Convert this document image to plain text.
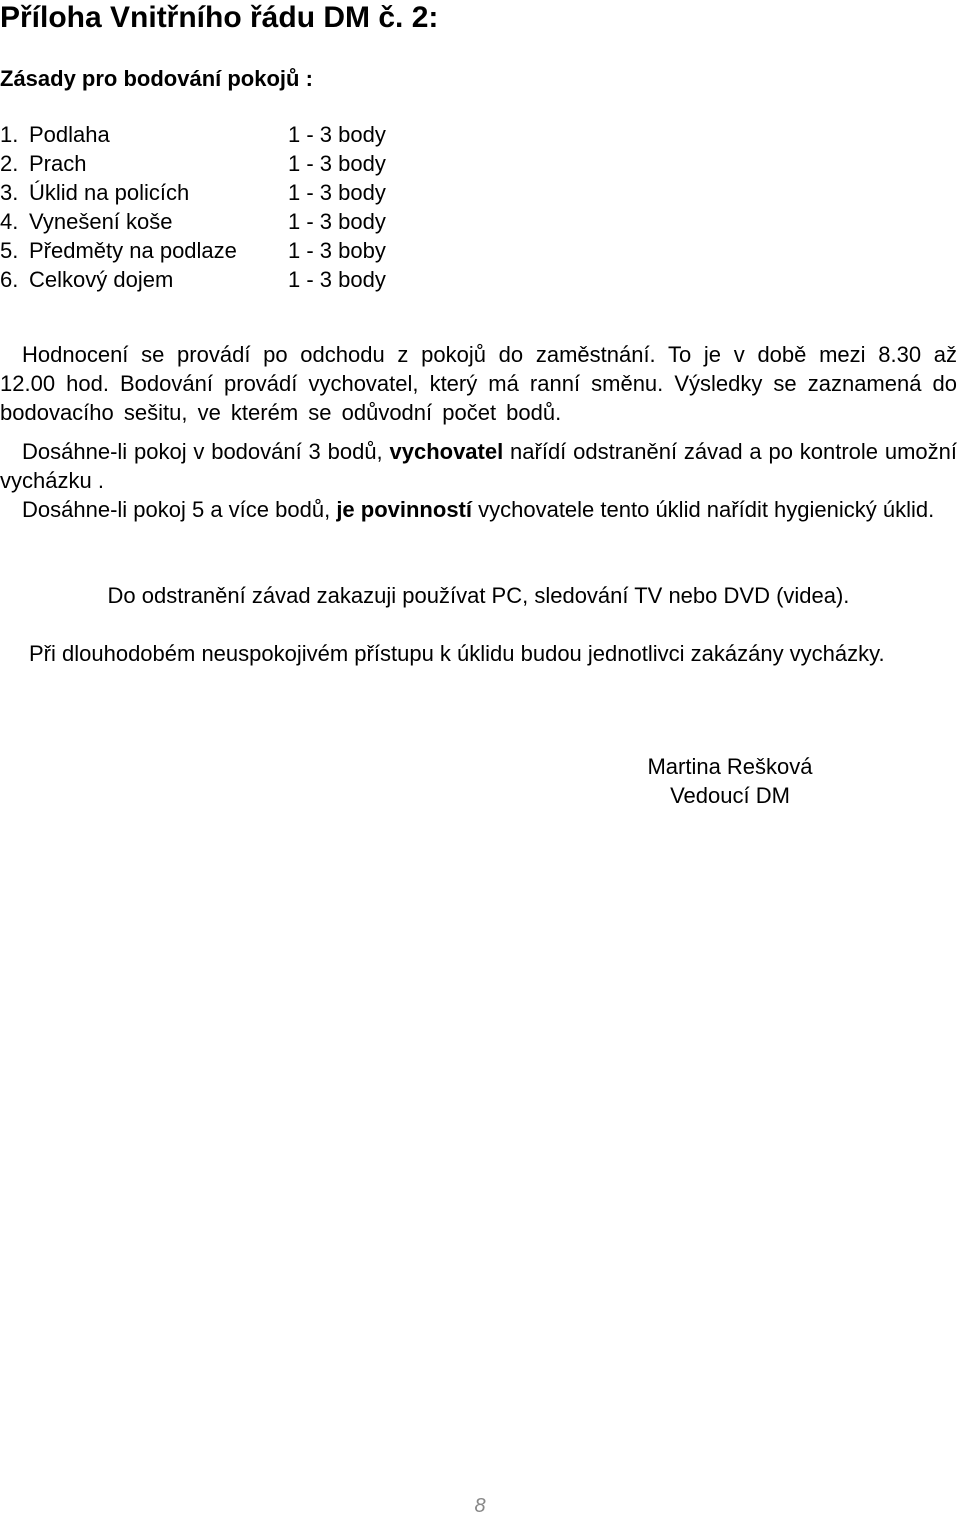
Příloha Vnitřního řádu DM č. 2:
Zásady pro bodování pokojů :
1. Podlaha	1 - 3 body
2. Prach	1 - 3 body
3. Úklid na policích	1 - 3 body
4. Vynešení koše	1 - 3 body
5. Předměty na podlaze 1 - 3 boby
6. Celkový dojem	1 - 3 body

Hodnocení se provádí po odchodu z pokojů do zaměstnání. To je v době mezi 8.30 až 12.00 hod. Bodování provádí vychovatel, který má ranní směnu. Výsledky se zaznamená do bodovacího sešitu, ve kterém se odůvodní počet bodů.

Dosáhne-li pokoj v bodování 3 bodů, vychovatel nařídí odstranění závad a po kontrole umožní vycházku .

Dosáhne-li pokoj 5 a více bodů, je povinností vychovatele tento úklid nařídit hygienický úklid.

Do odstranění závad zakazuji používat PC, sledování TV nebo DVD (videa).

Při dlouhodobém neuspokojivém přístupu k úklidu budou jednotlivci zakázány vycházky.

Martina Rešková
Vedoucí DM
8
